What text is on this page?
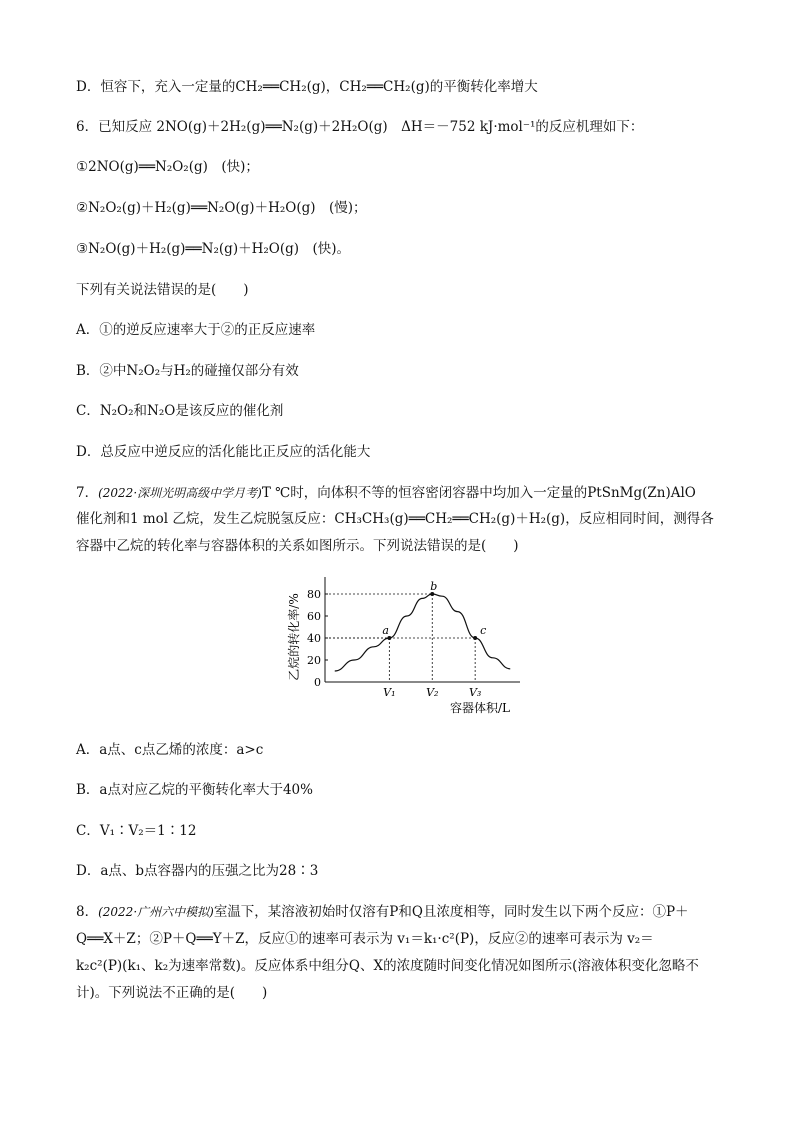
D．恒容下，充入一定量的CH₂══CH₂(g)，CH₂══CH₂(g)的平衡转化率增大
6．已知反应 2NO(g)＋2H₂(g)══N₂(g)＋2H₂O(g)　ΔH＝－752 kJ·mol⁻¹的反应机理如下：
①2NO(g)══N₂O₂(g)　(快)；
②N₂O₂(g)＋H₂(g)══N₂O(g)＋H₂O(g)　(慢)；
③N₂O(g)＋H₂(g)══N₂(g)＋H₂O(g)　(快)。
下列有关说法错误的是(　　)
A．①的逆反应速率大于②的正反应速率
B．②中N₂O₂与H₂的碰撞仅部分有效
C．N₂O₂和N₂O是该反应的催化剂
D．总反应中逆反应的活化能比正反应的活化能大
7．(2022·深圳光明高级中学月考)T ℃时，向体积不等的恒容密闭容器中均加入一定量的PtSnMg(Zn)AlO
催化剂和1 mol 乙烷，发生乙烷脱氢反应：CH₃CH₃(g)══CH₂══CH₂(g)＋H₂(g)，反应相同时间，测得各
容器中乙烷的转化率与容器体积的关系如图所示。下列说法错误的是(　　)
0
20
40
60
80
V₁	V₂	V₃
a
b
c
乙烷的转化率/%
容器体积/L
A．a点、c点乙烯的浓度：a>c
B．a点对应乙烷的平衡转化率大于40%
C．V₁∶V₂＝1∶12
D．a点、b点容器内的压强之比为28∶3
8．(2022·广州六中模拟)室温下，某溶液初始时仅溶有P和Q且浓度相等，同时发生以下两个反应：①P＋
Q══X＋Z；②P＋Q══Y＋Z，反应①的速率可表示为 v₁＝k₁·c²(P)，反应②的速率可表示为 v₂＝
k₂c²(P)(k₁、k₂为速率常数)。反应体系中组分Q、X的浓度随时间变化情况如图所示(溶液体积变化忽略不
计)。下列说法不正确的是(　　)
